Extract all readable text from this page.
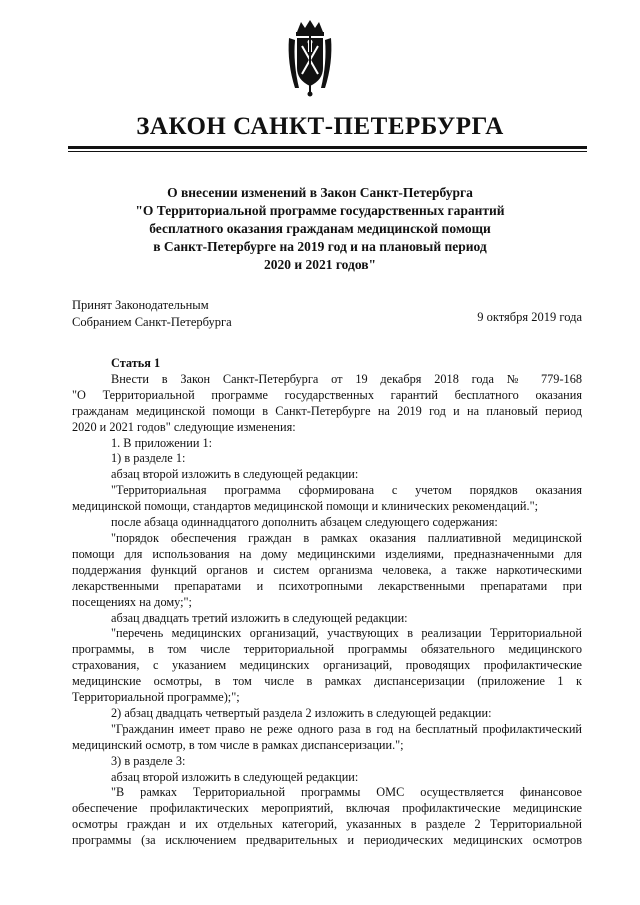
ЗАКОН САНКТ-ПЕТЕРБУРГА
О внесении изменений в Закон Санкт-Петербурга
"О Территориальной программе государственных гарантий
бесплатного оказания гражданам медицинской помощи
в Санкт-Петербурге на 2019 год и на плановый период
2020 и 2021 годов"
Принят Законодательным
Собранием Санкт-Петербурга	9 октября 2019 года
Статья 1
Внести в Закон Санкт-Петербурга от 19 декабря 2018 года № 779-168
"О Территориальной программе государственных гарантий бесплатного оказания
гражданам медицинской помощи в Санкт-Петербурге на 2019 год и на плановый период
2020 и 2021 годов" следующие изменения:
1. В приложении 1:
1) в разделе 1:
абзац второй изложить в следующей редакции:
"Территориальная программа сформирована с учетом порядков оказания
медицинской помощи, стандартов медицинской помощи и клинических рекомендаций.";
после абзаца одиннадцатого дополнить абзацем следующего содержания:
"порядок обеспечения граждан в рамках оказания паллиативной медицинской
помощи для использования на дому медицинскими изделиями, предназначенными для
поддержания функций органов и систем организма человека, а также наркотическими
лекарственными препаратами и психотропными лекарственными препаратами при
посещениях на дому;";
абзац двадцать третий изложить в следующей редакции:
"перечень медицинских организаций, участвующих в реализации Территориальной
программы, в том числе территориальной программы обязательного медицинского
страхования, с указанием медицинских организаций, проводящих профилактические
медицинские осмотры, в том числе в рамках диспансеризации (приложение 1 к
Территориальной программе);";
2) абзац двадцать четвертый раздела 2 изложить в следующей редакции:
"Гражданин имеет право не реже одного раза в год на бесплатный профилактический
медицинский осмотр, в том числе в рамках диспансеризации.";
3) в разделе 3:
абзац второй изложить в следующей редакции:
"В рамках Территориальной программы ОМС осуществляется финансовое
обеспечение профилактических мероприятий, включая профилактические медицинские
осмотры граждан и их отдельных категорий, указанных в разделе 2 Территориальной
программы (за исключением предварительных и периодических медицинских осмотров
